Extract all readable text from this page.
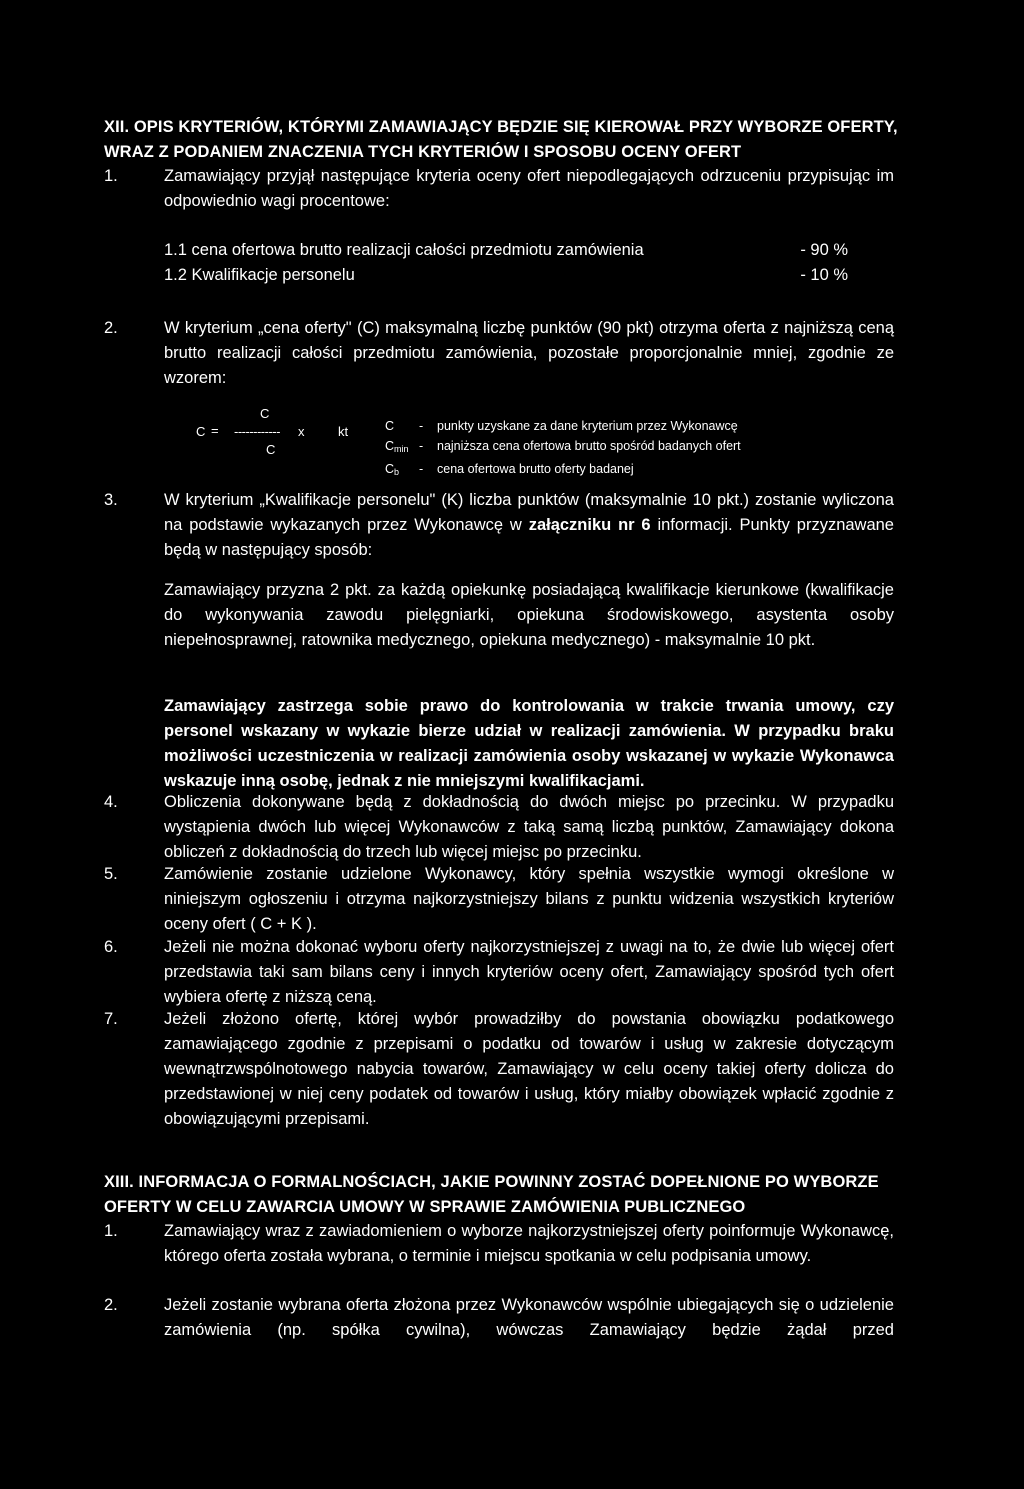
XII. OPIS KRYTERIÓW, KTÓRYMI ZAMAWIAJĄCY BĘDZIE SIĘ KIEROWAŁ PRZY WYBORZE OFERTY,
WRAZ Z PODANIEM ZNACZENIA TYCH KRYTERIÓW I SPOSOBU OCENY OFERT
1.	Zamawiający przyjął następujące kryteria oceny ofert niepodlegających odrzuceniu przypisując im odpowiednio wagi procentowe:
1.1 cena ofertowa brutto realizacji całości przedmiotu zamówienia	- 90 %
1.2 Kwalifikacje personelu	- 10 %
2.	W kryterium „cena oferty" (C) maksymalną liczbę punktów (90 pkt) otrzyma oferta z najniższą ceną brutto realizacji całości przedmiotu zamówienia, pozostałe proporcjonalnie mniej, zgodnie ze wzorem:
C
C = ------------ x	kt
C
C	-	punkty uzyskane za dane kryterium przez Wykonawcę
$C_{min}$ -	najniższa cena ofertowa brutto spośród badanych ofert
$C_b$	-	cena ofertowa brutto oferty badanej
3.	W kryterium „Kwalifikacje personelu" (K) liczba punktów (maksymalnie 10 pkt.) zostanie wyliczona na podstawie wykazanych przez Wykonawcę w załączniku nr 6 informacji. Punkty przyznawane będą w następujący sposób:
Zamawiający przyzna 2 pkt. za każdą opiekunkę posiadającą kwalifikacje kierunkowe (kwalifikacje do wykonywania zawodu pielęgniarki, opiekuna środowiskowego, asystenta osoby niepełnosprawnej, ratownika medycznego, opiekuna medycznego) - maksymalnie 10 pkt.
Zamawiający zastrzega sobie prawo do kontrolowania w trakcie trwania umowy, czy personel wskazany w wykazie bierze udział w realizacji zamówienia. W przypadku braku możliwości uczestniczenia w realizacji zamówienia osoby wskazanej w wykazie Wykonawca wskazuje inną osobę, jednak z nie mniejszymi kwalifikacjami.
4.	Obliczenia dokonywane będą z dokładnością do dwóch miejsc po przecinku. W przypadku wystąpienia dwóch lub więcej Wykonawców z taką samą liczbą punktów, Zamawiający dokona obliczeń z dokładnością do trzech lub więcej miejsc po przecinku.
5.	Zamówienie zostanie udzielone Wykonawcy, który spełnia wszystkie wymogi określone w niniejszym ogłoszeniu i otrzyma najkorzystniejszy bilans z punktu widzenia wszystkich kryteriów oceny ofert ( C + K ).
6.	Jeżeli nie można dokonać wyboru oferty najkorzystniejszej z uwagi na to, że dwie lub więcej ofert przedstawia taki sam bilans ceny i innych kryteriów oceny ofert, Zamawiający spośród tych ofert wybiera ofertę z niższą ceną.
7.	Jeżeli złożono ofertę, której wybór prowadziłby do powstania obowiązku podatkowego zamawiającego zgodnie z przepisami o podatku od towarów i usług w zakresie dotyczącym wewnątrzwspólnotowego nabycia towarów, Zamawiający w celu oceny takiej oferty dolicza do przedstawionej w niej ceny podatek od towarów i usług, który miałby obowiązek wpłacić zgodnie z obowiązującymi przepisami.
XIII. INFORMACJA O FORMALNOŚCIACH, JAKIE POWINNY ZOSTAĆ DOPEŁNIONE PO WYBORZE
OFERTY W CELU ZAWARCIA UMOWY W SPRAWIE ZAMÓWIENIA PUBLICZNEGO
1.	Zamawiający wraz z zawiadomieniem o wyborze najkorzystniejszej oferty poinformuje Wykonawcę, którego oferta została wybrana, o terminie i miejscu spotkania w celu podpisania umowy.
2.	Jeżeli zostanie wybrana oferta złożona przez Wykonawców wspólnie ubiegających się o udzielenie zamówienia (np. spółka cywilna), wówczas Zamawiający będzie żądał przed
